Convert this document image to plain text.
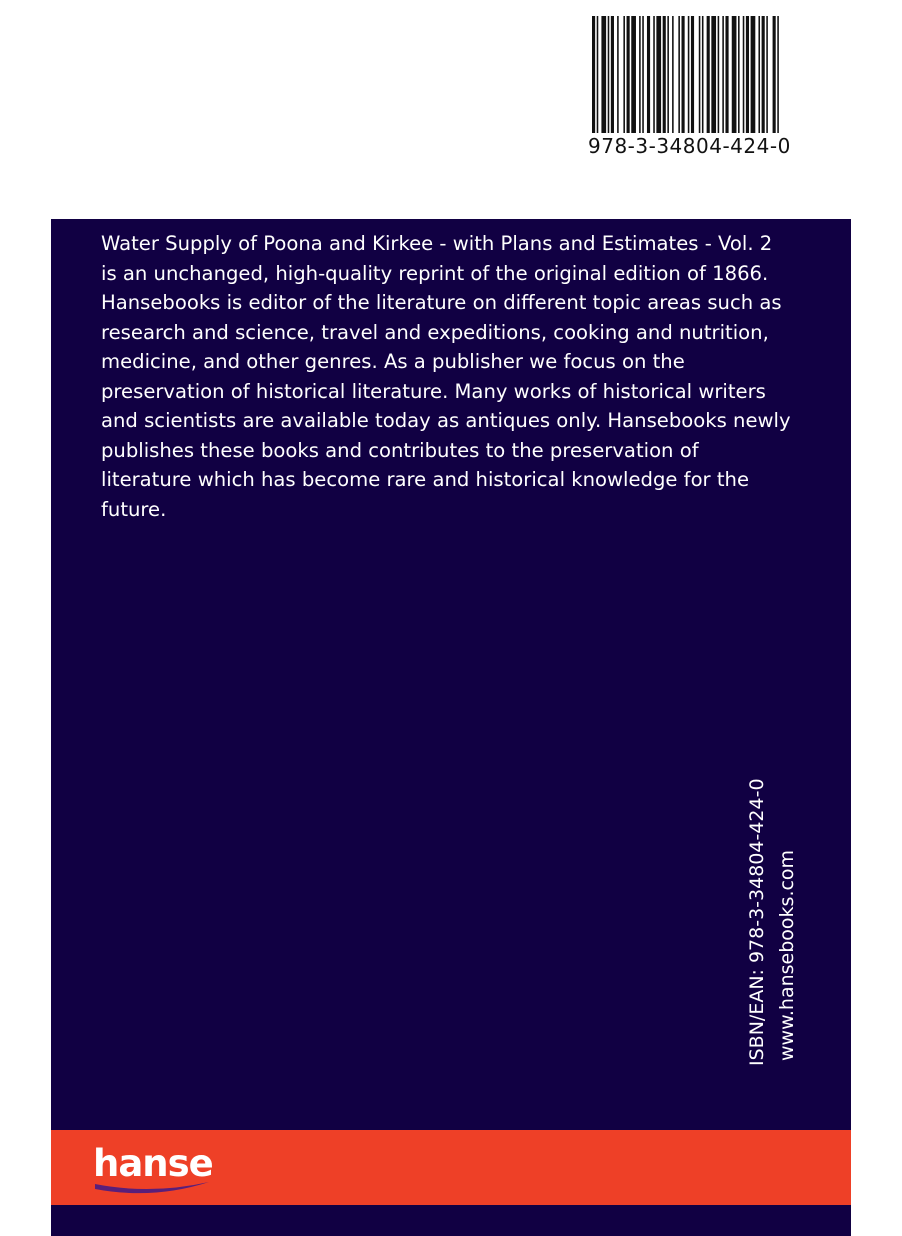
978-3-34804-424-0

Water Supply of Poona and Kirkee - with Plans and Estimates - Vol. 2
is an unchanged, high-quality reprint of the original edition of 1866.
Hansebooks is editor of the literature on different topic areas such as
research and science, travel and expeditions, cooking and nutrition,
medicine, and other genres. As a publisher we focus on the
preservation of historical literature. Many works of historical writers
and scientists are available today as antiques only. Hansebooks newly
publishes these books and contributes to the preservation of
literature which has become rare and historical knowledge for the
future.

ISBN/EAN: 978-3-34804-424-0 www.hansebooks.com
hanse
